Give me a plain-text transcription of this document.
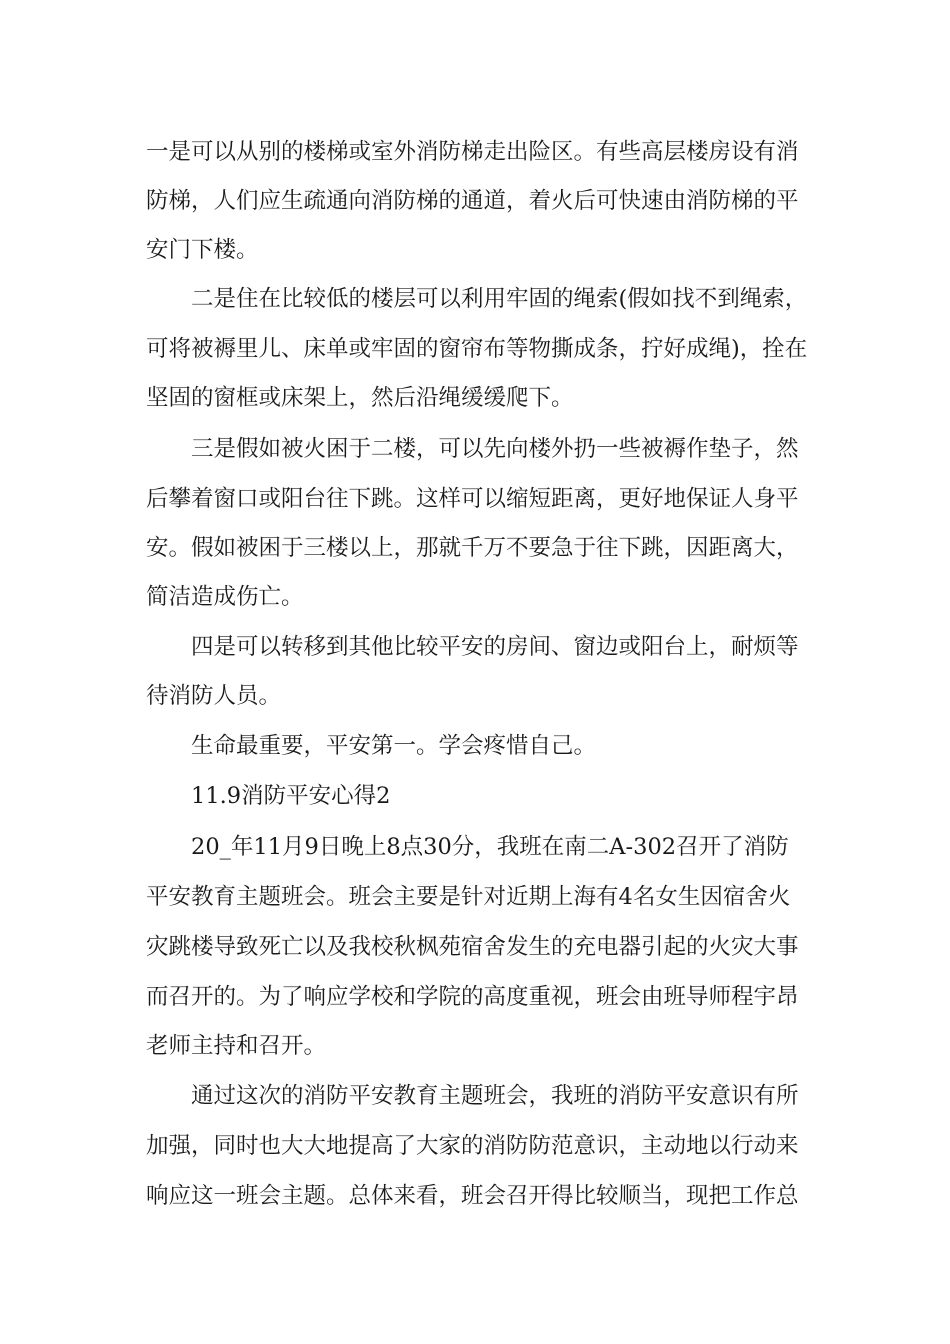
一是可以从别的楼梯或室外消防梯走出险区。有些高层楼房设有消
防梯，人们应生疏通向消防梯的通道，着火后可快速由消防梯的平
安门下楼。
二是住在比较低的楼层可以利用牢固的绳索(假如找不到绳索，
可将被褥里儿、床单或牢固的窗帘布等物撕成条，拧好成绳)，拴在
坚固的窗框或床架上，然后沿绳缓缓爬下。
三是假如被火困于二楼，可以先向楼外扔一些被褥作垫子，然
后攀着窗口或阳台往下跳。这样可以缩短距离，更好地保证人身平
安。假如被困于三楼以上，那就千万不要急于往下跳，因距离大，
简洁造成伤亡。
四是可以转移到其他比较平安的房间、窗边或阳台上，耐烦等
待消防人员。
生命最重要，平安第一。学会疼惜自己。
11.9消防平安心得2
20_年11月9日晚上8点30分，我班在南二A-302召开了消防
平安教育主题班会。班会主要是针对近期上海有4名女生因宿舍火
灾跳楼导致死亡以及我校秋枫苑宿舍发生的充电器引起的火灾大事
而召开的。为了响应学校和学院的高度重视，班会由班导师程宇昂
老师主持和召开。
通过这次的消防平安教育主题班会，我班的消防平安意识有所
加强，同时也大大地提高了大家的消防防范意识，主动地以行动来
响应这一班会主题。总体来看，班会召开得比较顺当，现把工作总
